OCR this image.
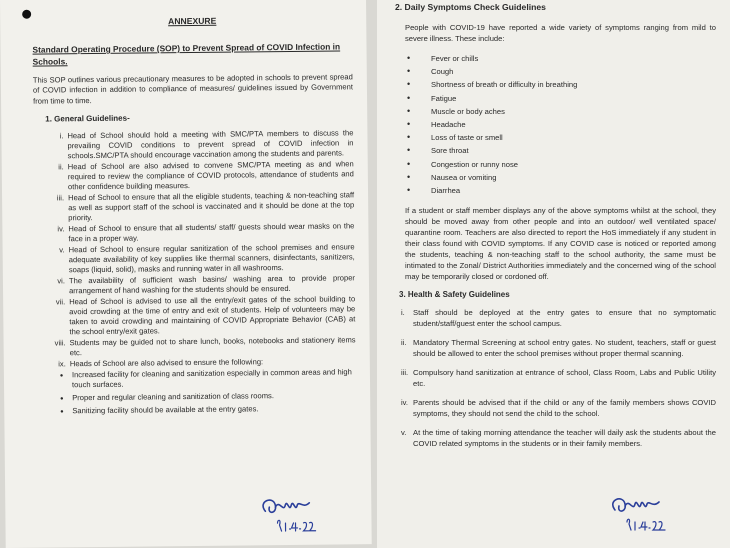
ANNEXURE
Standard Operating Procedure (SOP) to Prevent Spread of COVID Infection in Schools.
This SOP outlines various precautionary measures to be adopted in schools to prevent spread of COVID infection in addition to compliance of measures/ guidelines issued by Government from time to time.
1. General Guidelines-
i. Head of School should hold a meeting with SMC/PTA members to discuss the prevailing COVID conditions to prevent spread of COVID infection in schools.SMC/PTA should encourage vaccination among the students and parents.
ii. Head of School are also advised to convene SMC/PTA meeting as and when required to review the compliance of COVID protocols, attendance of students and other confidence building measures.
iii. Head of School to ensure that all the eligible students, teaching & non-teaching staff as well as support staff of the school is vaccinated and it should be done at the top priority.
iv. Head of School to ensure that all students/ staff/ guests should wear masks on the face in a proper way.
v. Head of School to ensure regular sanitization of the school premises and ensure adequate availability of key supplies like thermal scanners, disinfectants, sanitizers, soaps (liquid, solid), masks and running water in all washrooms.
vi. The availability of sufficient wash basins/ washing area to provide proper arrangement of hand washing for the students should be ensured.
vii. Head of School is advised to use all the entry/exit gates of the school building to avoid crowding at the time of entry and exit of students. Help of volunteers may be taken to avoid crowding and maintaining of COVID Appropriate Behavior (CAB) at the school entry/exit gates.
viii. Students may be guided not to share lunch, books, notebooks and stationery items etc.
ix. Heads of School are also advised to ensure the following:
• Increased facility for cleaning and sanitization especially in common areas and high touch surfaces.
• Proper and regular cleaning and sanitization of class rooms.
• Sanitizing facility should be available at the entry gates.
2. Daily Symptoms Check Guidelines
People with COVID-19 have reported a wide variety of symptoms ranging from mild to severe illness. These include:
• Fever or chills
• Cough
• Shortness of breath or difficulty in breathing
• Fatigue
• Muscle or body aches
• Headache
• Loss of taste or smell
• Sore throat
• Congestion or runny nose
• Nausea or vomiting
• Diarrhea
If a student or staff member displays any of the above symptoms whilst at the school, they should be moved away from other people and into an outdoor/ well ventilated space/ quarantine room. Teachers are also directed to report the HoS immediately if any student in their class found with COVID symptoms. If any COVID case is noticed or reported among the students, teaching & non-teaching staff to the school authority, the same must be intimated to the Zonal/ District Authorities immediately and the concerned wing of the school may be temporarily closed or cordoned off.
3. Health & Safety Guidelines
i. Staff should be deployed at the entry gates to ensure that no symptomatic student/staff/guest enter the school campus.
ii. Mandatory Thermal Screening at school entry gates. No student, teachers, staff or guest should be allowed to enter the school premises without proper thermal scanning.
iii. Compulsory hand sanitization at entrance of school, Class Room, Labs and Public Utility etc.
iv. Parents should be advised that if the child or any of the family members shows COVID symptoms, they should not send the child to the school.
v. At the time of taking morning attendance the teacher will daily ask the students about the COVID related symptoms in the students or in their family members.
